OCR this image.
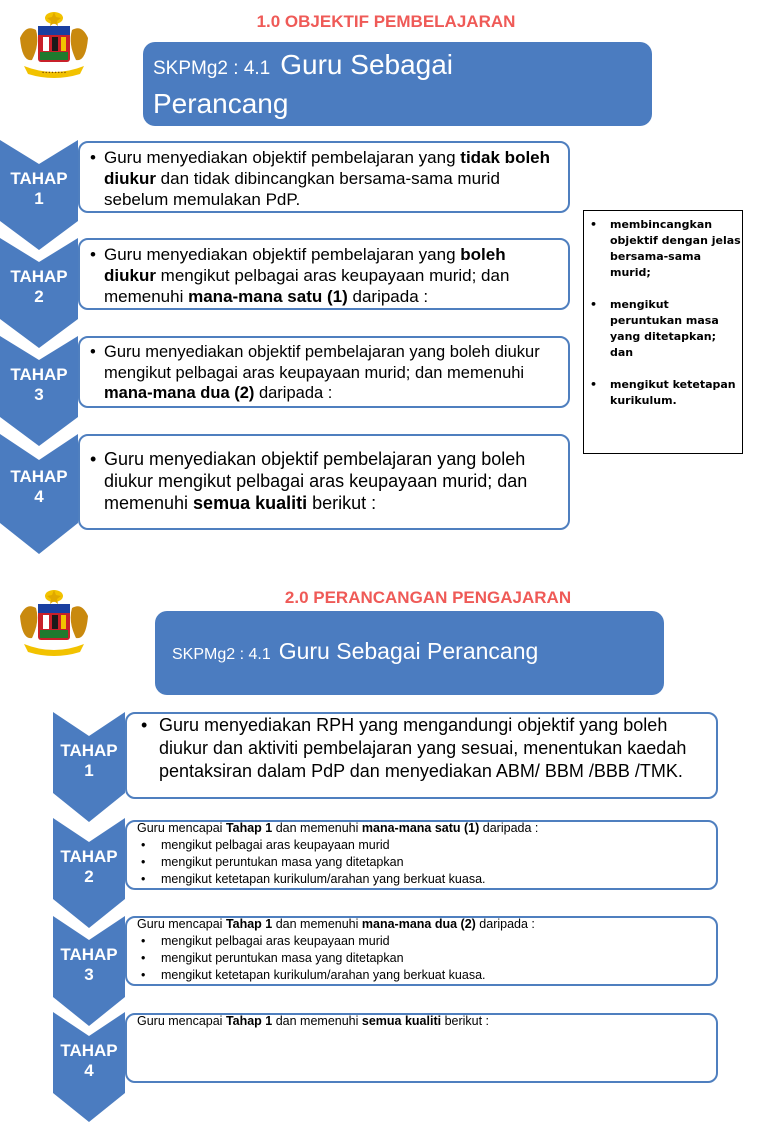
∙∙∙∙∙∙∙∙
1.0 OBJEKTIF PEMBELAJARAN
SKPMg2 : 4.1 Guru Sebagai
Perancang
TAHAP
1
• Guru menyediakan objektif pembelajaran yang tidak boleh diukur dan tidak dibincangkan bersama-sama murid sebelum memulakan PdP.
TAHAP
2
• Guru menyediakan objektif pembelajaran yang boleh diukur mengikut pelbagai aras keupayaan murid; dan memenuhi mana-mana satu (1) daripada :
TAHAP
3
• Guru menyediakan objektif pembelajaran yang boleh diukur mengikut pelbagai aras keupayaan murid; dan memenuhi mana-mana dua (2) daripada :
TAHAP
4
• Guru menyediakan objektif pembelajaran yang boleh diukur mengikut pelbagai aras keupayaan murid; dan memenuhi semua kualiti berikut :
•	membincangkan objektif dengan jelas bersama-sama murid;
•	mengikut peruntukan masa yang ditetapkan; dan
•	mengikut ketetapan kurikulum.
2.0 PERANCANGAN PENGAJARAN
SKPMg2 : 4.1 Guru Sebagai Perancang
TAHAP
1
• Guru menyediakan RPH yang mengandungi objektif yang boleh diukur dan aktiviti pembelajaran yang sesuai, menentukan kaedah pentaksiran dalam PdP dan menyediakan ABM/ BBM /BBB /TMK.
TAHAP
2
Guru mencapai Tahap 1 dan memenuhi mana-mana satu (1) daripada :
•	mengikut pelbagai aras keupayaan murid
•	mengikut peruntukan masa yang ditetapkan
•	mengikut ketetapan kurikulum/arahan yang berkuat kuasa.
TAHAP
3
Guru mencapai Tahap 1 dan memenuhi mana-mana dua (2) daripada :
•	mengikut pelbagai aras keupayaan murid
•	mengikut peruntukan masa yang ditetapkan
•	mengikut ketetapan kurikulum/arahan yang berkuat kuasa.
TAHAP
4
Guru mencapai Tahap 1 dan memenuhi semua kualiti berikut :
